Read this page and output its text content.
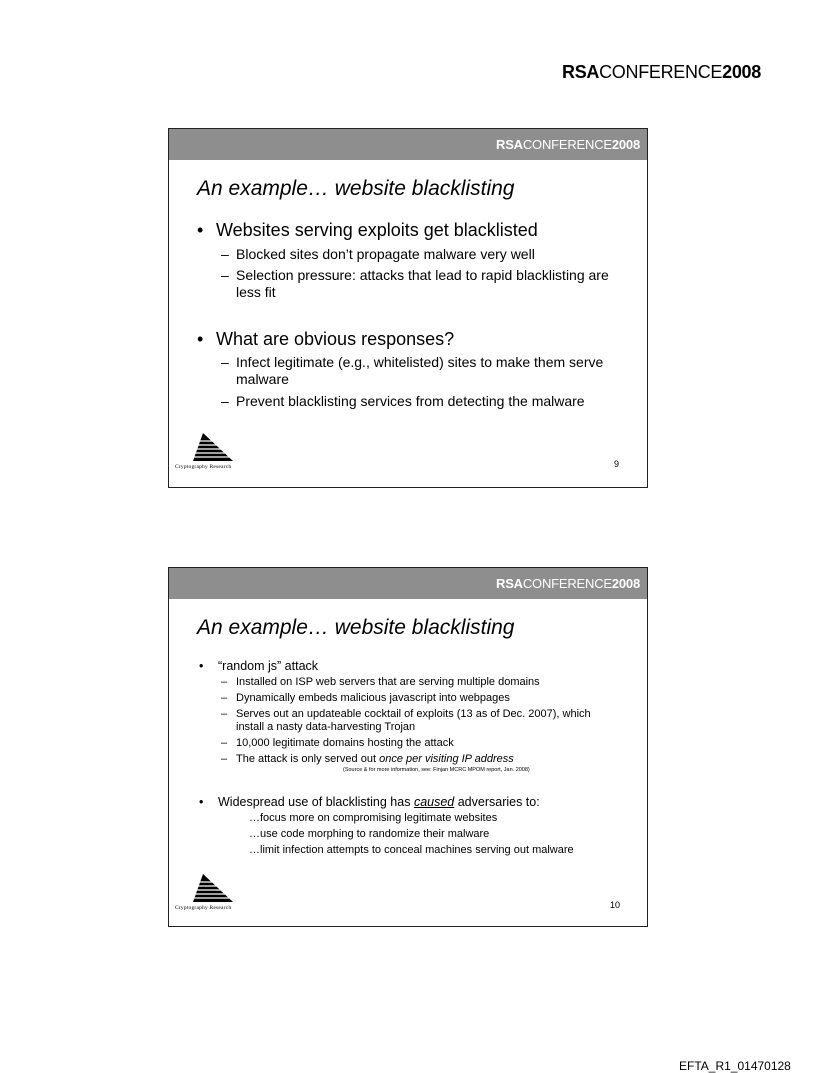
RSACONFERENCE2008
RSACONFERENCE2008
An example… website blacklisting
• Websites serving exploits get blacklisted
– Blocked sites don’t propagate malware very well
– Selection pressure: attacks that lead to rapid blacklisting are less fit
• What are obvious responses?
– Infect legitimate (e.g., whitelisted) sites to make them serve malware
– Prevent blacklisting services from detecting the malware
Cryptography Research	9
RSACONFERENCE2008
An example… website blacklisting
• “random js” attack
– Installed on ISP web servers that are serving multiple domains
– Dynamically embeds malicious javascript into webpages
– Serves out an updateable cocktail of exploits (13 as of Dec. 2007), which install a nasty data-harvesting Trojan
– 10,000 legitimate domains hosting the attack
– The attack is only served out once per visiting IP address
(Source & for more information, see: Finjan MCRC MPOM report, Jan. 2008)
• Widespread use of blacklisting has caused adversaries to:
…focus more on compromising legitimate websites
…use code morphing to randomize their malware
…limit infection attempts to conceal machines serving out malware
Cryptography Research	10
EFTA_R1_01470128
